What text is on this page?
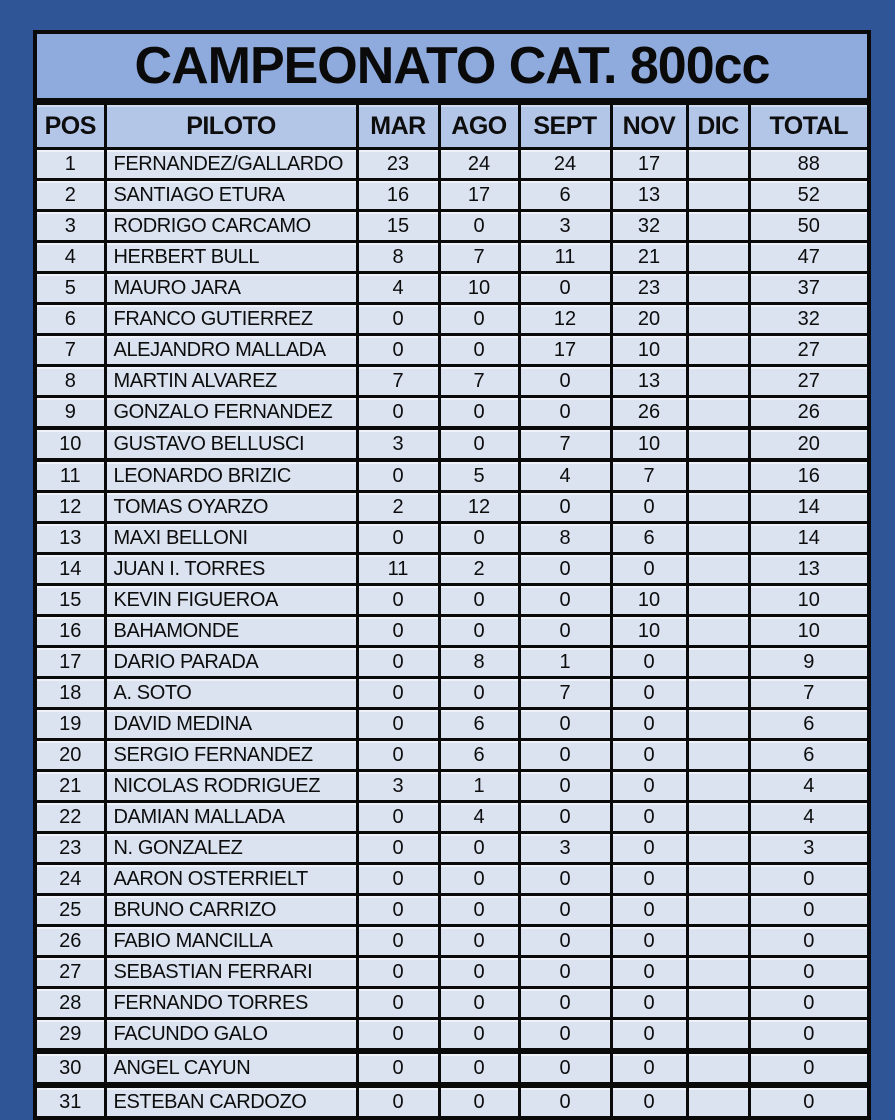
CAMPEONATO CAT. 800cc
POS	PILOTO	MAR	AGO	SEPT	NOV	DIC	TOTAL
1	FERNANDEZ/GALLARDO	23	24	24	17		88
2	SANTIAGO ETURA	16	17	6	13		52
3	RODRIGO CARCAMO	15	0	3	32		50
4	HERBERT BULL	8	7	11	21		47
5	MAURO JARA	4	10	0	23		37
6	FRANCO GUTIERREZ	0	0	12	20		32
7	ALEJANDRO MALLADA	0	0	17	10		27
8	MARTIN ALVAREZ	7	7	0	13		27
9	GONZALO FERNANDEZ	0	0	0	26		26
10	GUSTAVO BELLUSCI	3	0	7	10		20
11	LEONARDO BRIZIC	0	5	4	7		16
12	TOMAS OYARZO	2	12	0	0		14
13	MAXI BELLONI	0	0	8	6		14
14	JUAN I. TORRES	11	2	0	0		13
15	KEVIN FIGUEROA	0	0	0	10		10
16	BAHAMONDE	0	0	0	10		10
17	DARIO PARADA	0	8	1	0		9
18	A. SOTO	0	0	7	0		7
19	DAVID MEDINA	0	6	0	0		6
20	SERGIO FERNANDEZ	0	6	0	0		6
21	NICOLAS RODRIGUEZ	3	1	0	0		4
22	DAMIAN MALLADA	0	4	0	0		4
23	N. GONZALEZ	0	0	3	0		3
24	AARON OSTERRIELT	0	0	0	0		0
25	BRUNO CARRIZO	0	0	0	0		0
26	FABIO MANCILLA	0	0	0	0		0
27	SEBASTIAN FERRARI	0	0	0	0		0
28	FERNANDO TORRES	0	0	0	0		0
29	FACUNDO GALO	0	0	0	0		0
30	ANGEL CAYUN	0	0	0	0		0
31	ESTEBAN CARDOZO	0	0	0	0		0
